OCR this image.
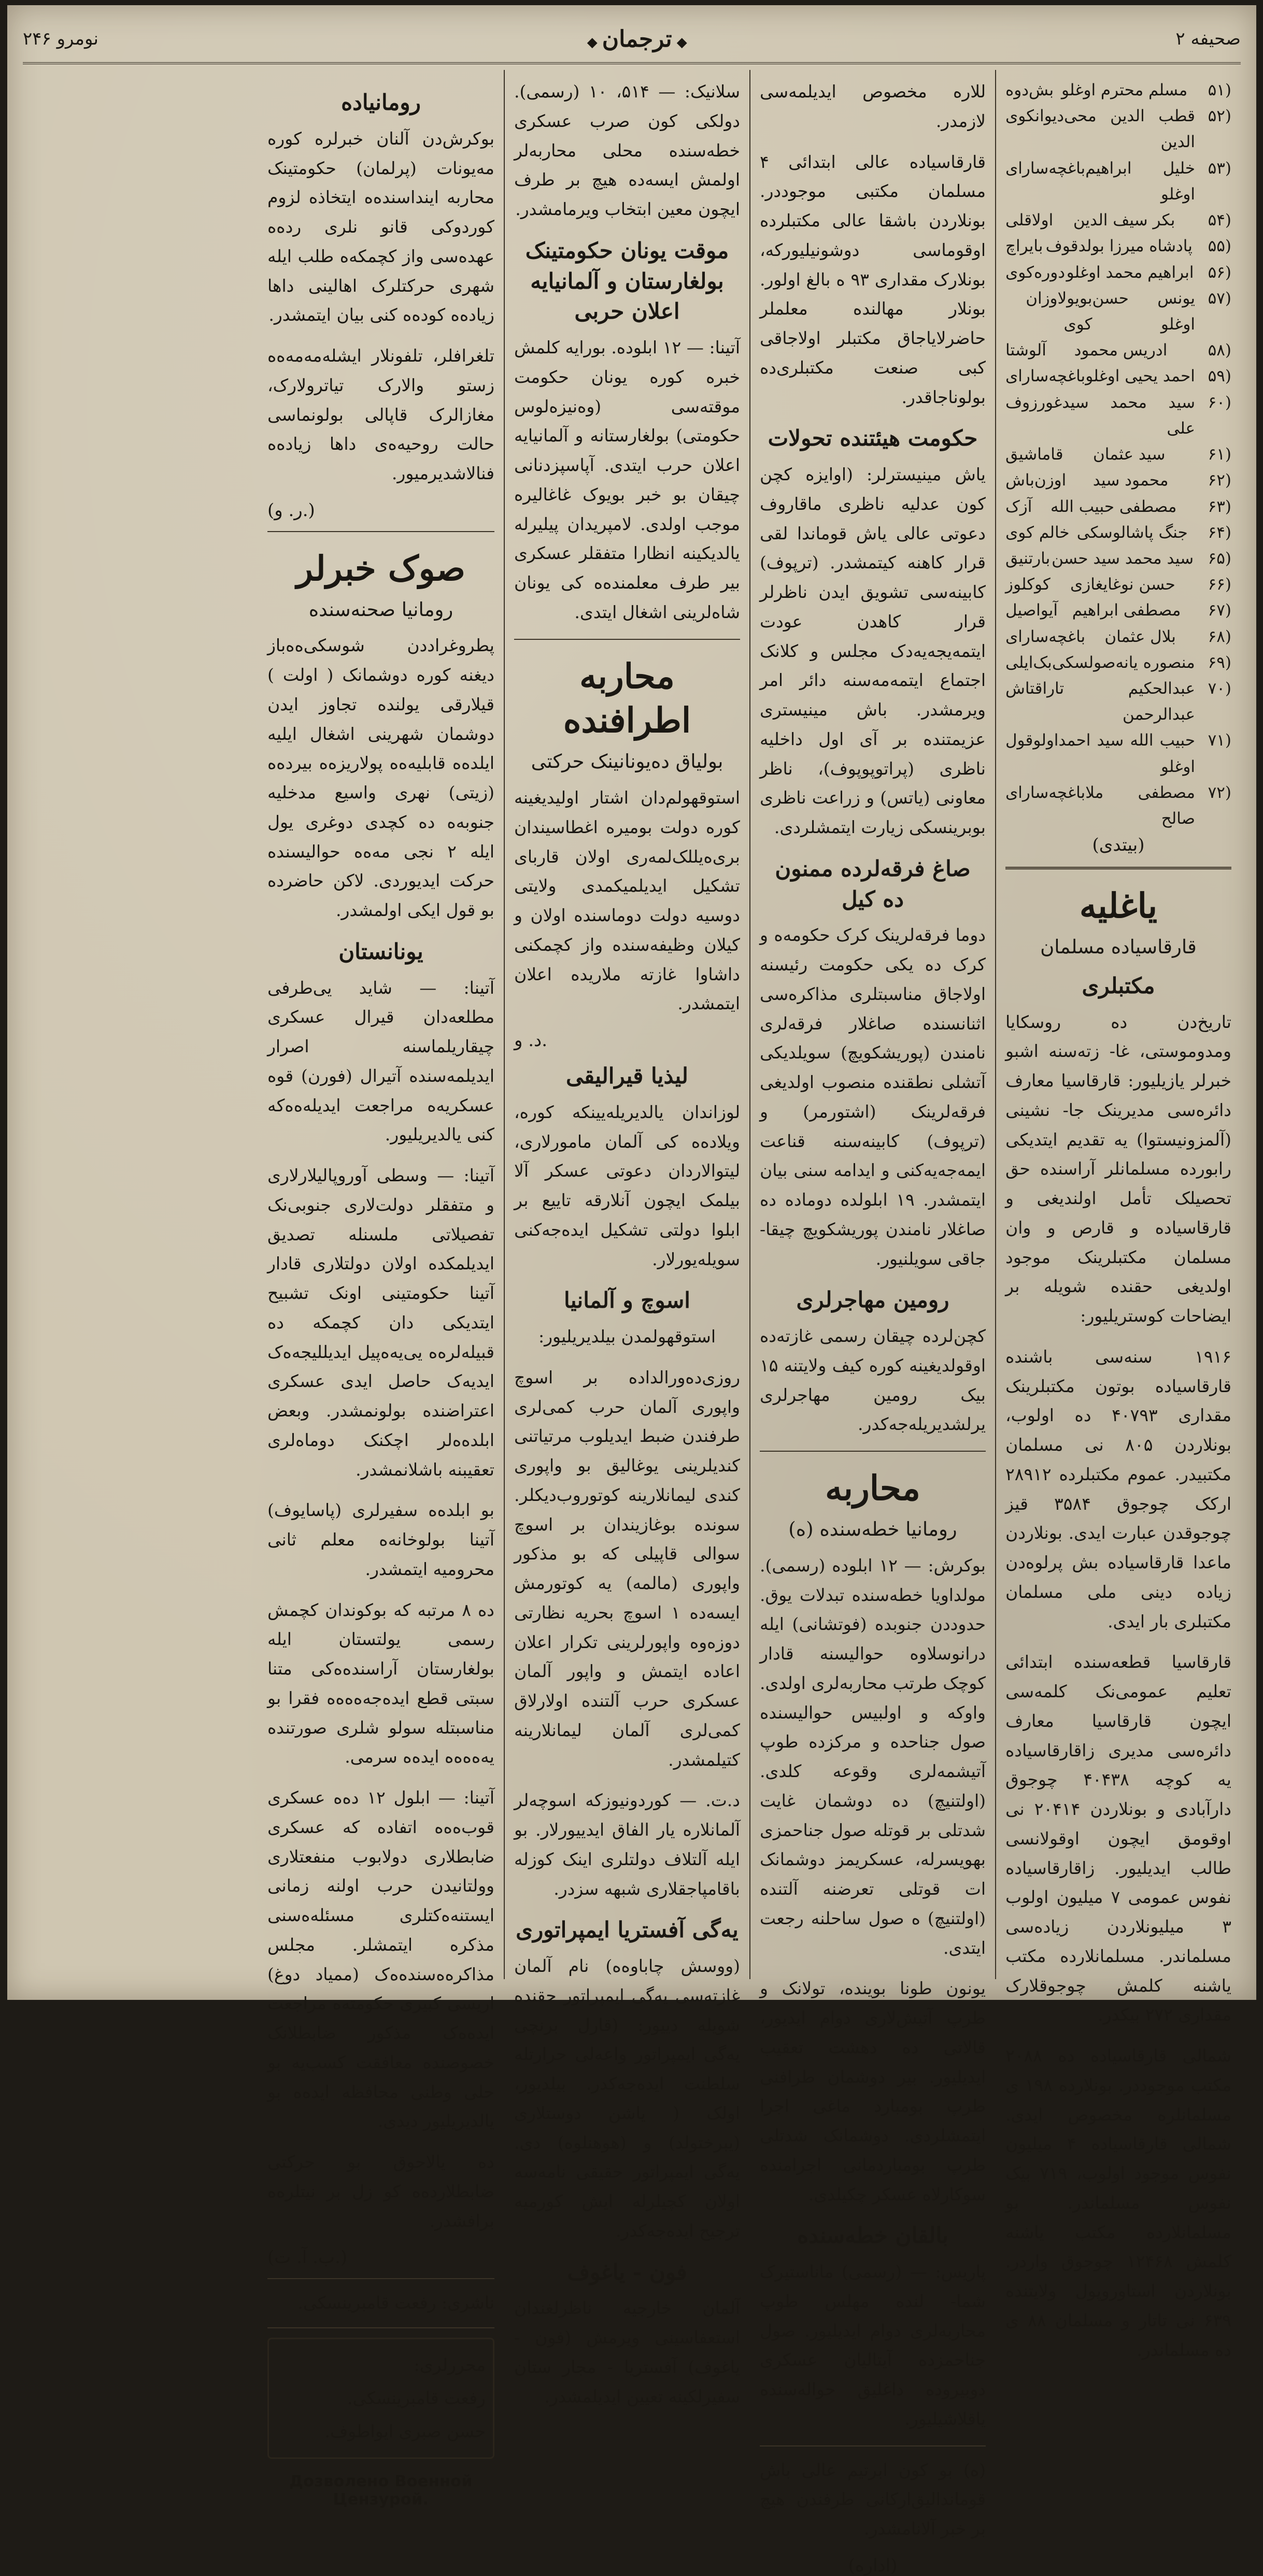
صحیفه ۲
◆ ترجمان ◆
نومرو ۲۴۶
(۵۱
مسلم محترم اوغلو
بش‌دوه
(۵۲
قطب الدین محی الدین
دیوانکوی
(۵۳
خلیل ابراهیم اوغلو
باغچه‌سارای
(۵۴
بکر سیف الدین
اولاقلی
(۵۵
پادشاه میرزا بولدقوف
بایراچ
(۵۶
ابراهیم محمد اوغلو
دوره‌کوی
(۵۷
یونس حسن اوغلو
بویولاوزان کوی
(۵۸
ادریس محمود
آلوشتا
(۵۹
احمد یحیی اوغلو
باغچه‌سارای
(۶۰
سید محمد سید علی
غورزوف
(۶۱
سید عثمان
قاماشیق
(۶۲
محمود سید
اوزن‌باش
(۶۳
مصطفی حبیب الله
آزک
(۶۴
جنگ پاشالوسکی
خالم کوی
(۶۵
سید محمد سید حسن
بارتنیق
(۶۶
حسن نوغایغازی
کوکلوز
(۶۷
مصطفی ابراهیم
آیواصیل
(۶۸
بلال عثمان
باغچه‌سارای
(۶۹
منصوره یانه‌صولسکی
بک‌ایلی
(۷۰
عبدالحکیم عبدالرحمن
تاراقتاش
(۷۱
حبیب الله سید احمد اوغلو
اولوقول
(۷۲
مصطفی ملا صالح
باغچه‌سارای
(بیتدی)
یاغلیه
قارقاسیاده مسلمان
مکتبلری

تاریخ‌دن ده روسکایا ومدوموستی، غا- زته‌سنه اشبو خبرلر یازیلیور: قارقاسیا معارف دائره‌سی مدیرینک جا- نشینی (آلمزونیستوا) یه تقدیم ایتدیکی رابورده مسلمانلر آراسنده حق تحصیلک تأمل اولندیغی و قارقاسیاده و قارص و وان مسلمان مکتبلرینک موجود اولدیغی حقنده شویله بر ایضاحات کوستریلیور:

۱۹۱۶ سنه‌سی باشنده قارقاسیاده بوتون مکتبلرینک مقداری ۴۰۷۹۳ ده اولوب، بونلاردن ۸۰۵ نی مسلمان مکتبیدر. عموم مکتبلرده ۲۸۹۱۲ ارکک چوجوق ۳۵۸۴ قیز چوجوقدن عبارت ایدی. بونلاردن ماعدا قارقاسیاده بش پرلوه‌دن زیاده دینی ملی مسلمان مکتبلری بار ایدی.

قارقاسیا قطعه‌سنده ابتدائی تعلیم عمومی‌نک کلمه‌سی ایچون قارقاسیا معارف دائره‌سی مدیری زاقارقاسیاده یه کوچه ۴۰۴۳۸ چوجوق دارآبادی و بونلاردن ۲۰۴۱۴ نی اوقومق ایچون اوقولانسی طالب ایدیلیور. زاقارقاسیاده نفوس عمومی ۷ میلیون اولوب ۳ میلیونلاردن زیاده‌سی مسلماندر. مسلمانلارده مکتب یاشنه کلمش چوجوقلارک مقداری ۲۷۲ بیکدر.

شمالی قارقاسیاده ده ۲۰۸۸ مکتب موجوددر. بونلارده ۱۹۸ ی مسلمانلره مخصوص ایدی. شمالی قارقاسیاده ۴ میلیون نفوس موجود اولوب، ۷۱۹ بیک نفوس مسلماندر. بو مسلمانلارده مکتب یاشنه کلمش ۱۲۴۶۸ چوجوق واردر. بونلاردن استاوروپول ولایتنده ۶۳۹ نی تاتار و مسلمان ۸۸ ی ده مسلماندر.

للاره مخصوص ایدیلمه‌سی لازمدر.

قارقاسیاده عالی ابتدائی ۴ مسلمان مکتبی موجوددر. بونلاردن باشقا عالی مکتبلرده اوقوماسی دوشونیلیورکه، بونلارک مقداری ۹۳ ه بالغ اولور. بونلار مهالنده معلملر حاضرلایاجاق مکتبلر اولاجاقی کبی صنعت مکتبلری‌ده بولوناجاقدر.

حکومت هیئتنده تحولات

یاش مینیسترلر: (اوایزه کچن کون عدلیه ناظری ماقاروف دعوتی عالی یاش قوماندا لقی قرار کاهنه کیتمشدر. (ترپوف) کابینه‌سی تشویق ایدن ناظرلر قرار کاهدن عودت ایتمه‌یجه‌یه‌دک مجلس و کلانک اجتماع ایتمه‌مه‌سنه دائر امر ویرمشدر. باش مینیستری عزیمتنده بر آی اول داخلیه ناظری (پراتوپوپوف)، ناظر معاونی (یاتس) و زراعت ناظری بوبرینسکی زیارت ایتمشلردی.

صاغ فرقه‌لرده ممنون
ده کیل

دوما فرقه‌لرینک کرک حکومه‌ه و کرک ده یکی حکومت رئیسنه اولاجاق مناسبتلری مذاکره‌سی اثنانسنده صاغلار فرقه‌لری نامندن (پوریشکویچ) سویلدیکی آتشلی نطقنده منصوب اولدیغی فرقه‌لرینک (اشتورمر) و (ترپوف) کابینه‌سنه قناعت ایمه‌جه‌یه‌کنی و ایدامه سنی بیان ایتمشدر. ۱۹ ابلولده دوماده ده صاغلار نامندن پوریشکویچ چیقا- جاقی سویلنیور.

رومین مهاجرلری

کچن‌لرده چیقان رسمی غازته‌ده اوقولدیغینه کوره کیف ولایتنه ۱۵ بیک رومین مهاجرلری یرلشدیریله‌جه‌کدر.

محاربه
رومانیا خطه‌سنده (ه)

بوکرش: — ۱۲ ابلوده (رسمی). مولداویا خطه‌سنده تبدلات یوق. حدوددن جنوبده (فوتشانی) ایله درانوسلاوه حوالیسنه قادار کوچک طرتب محاربه‌لری اولدی. واوکه و اولبیس حوالیسنده صول جناحده و مرکزده طوپ آتیشمه‌لری وقوعه کلدی. (اولتنیچ) ده دوشمان غایت شدتلی بر قوتله صول جناحمزی بهویسرله، عسکریمز دوشمانک ات قوتلی تعرضنه آلتنده (اولتنیچ) ه صول ساحلنه رجعت ایتدی.

یونون طونا بوینده، تولانک و طرپ آتیش‌لاری دوام ایدیور، قالاتی ده دهشت تعقیب ایدیلیور. بیر دوشمان طرافنی طرپ بومبارد ماغی اجرا ایتمشلردی. دوشمانک شدتلی طرپ بومباردمانی اجرامنده سوکارلاه عسکر چکیلدی.

بالقان خطه‌سنده

پاریس: — (رسمی) ماناستیرک شما- لنده مهلس طوپ محاربه‌لری دوام ایدیلیور. صول جناحمزده آیتالیان عسکری دوبیروده داغلیق حواله‌سنده یاقلاشیلیور.

(ه) بو کون ابرتیم عالی باش قوماندالیق‌ارکانی طرفندن هیچ بر خبر آلانامشدر.

(اداره)

سلانیک: — ۵۱۴، ۱۰ (رسمی). دولکی کون صرب عسکری خطه‌سنده محلی محاربه‌لر اولمش ایسه‌ده هیچ بر طرف ایچون معین ابتخاب ویرمامشدر.

موقت یونان حکومتینک بولغارستان و آلمانیایه اعلان حربی

آتینا: — ۱۲ ابلوده. بورایه کلمش خبره کوره یونان حکومت موقته‌سی (وه‌نیزه‌لوس حکومتی) بولغارستانه و آلمانیایه اعلان حرب ایتدی. آپاسپزدنانی چیقان بو خبر بویوک غاغالیره موجب اولدی. لامپریدان پیلیرله یالدیکینه انظارا متفقلر عسکری بیر طرف معلمنده‌ه کی یونان شاه‌لرینی اشغال ایتدی.

محاربه اطرافنده
بولیاق ده‌یونانینک حرکتی

استوقهولم‌دان اشتار اولیدیغینه کوره دولت بومیره اغطاسیندان بری‌ه‌یللک‌لمه‌ری اولان قاربای تشکیل ایدیلمیکمدی ولایتی دوسیه دولت دوماسنده اولان و کیلان وظیفه‌سنده واز کچمکنی داشاوا غازته ملاریده اعلان ایتمشدر.

د. و.
لیذیا قیرالیقی

لوزاندان یالدیریله‌یینکه کوره، ویلاده‌ه کی آلمان مامورلاری، لیتوالاردان دعوتی عسکر آلا بیلمک ایچون آنلارقه تاییع بر ابلوا دولتی تشکیل ایده‌جه‌کنی سویله‌یورلار.

اسوچ و آلمانیا

استوقهولمدن بیلدیریلیور:

روزی‌ده‌ورالداده بر اسوچ واپوری آلمان حرب کمی‌لری طرفندن ضبط ایدیلوب مرتیاتنی کندیلرینی یوغالیق بو واپوری کندی لیمانلارینه کوتوروب‌دیکلر. سونده بوغازیندان بر اسوچ سوالی قاپیلی که بو مذکور واپوری (مالمه) یه کوتورمش ایسه‌ده ۱ اسوچ بحریه نظارتی دوزه‌وه واپورلرینی تکرار اعلان اعاده ایتمش و واپور آلمان عسکری حرب آلتنده اولارلاق کمی‌لری آلمان لیمانلارینه کتیلمشدر.

د.ت. — کوردونیوزکه اسوچه‌لر آلمانلاره یار الفاق ایدییورلار. بو ایله آلتلاف دولتلری اینک کوزله باقامپاجقلاری شبهه سزدر.

یه‌گی آفستریا ایمپراتوری

(ووسش چاباوه‌ه) نام آلمان غازته‌سی یه‌گی ایمپراتور حقنده شویله دییور: (قارل برنچی یه‌گی ایمپراتور واعه‌لی حرارتله سلطنت ایده‌جه‌کدر. بیلدیور، اولک ( یاشن دوستلاری (یبرختولد) و (هوهنلوه) دی. یه‌گی ایمپراتور حقیقی نامه‌سه اولان کچیلرله ایش کورمیه ترجیح ایده‌جه‌کدر.

فون - یاغوف

آلمان خارجیه ناظرلغندان استعفاسینی ویرمش (فون - یاغوف) آفستریا - مجار ستان سفیرلکینه تعیین ایدیلمشدر.

رومانیاده

بوکرش‌دن آلنان خبرلره کوره مه‌یونات (پرلمان) حکومتینک محاربه‌ اینداسنده‌ه ایتخاذه لزوم کوردوکی قانو نلری رده‌ه عهده‌سی واز کچمکه‌ه طلب ایله شهری حرکتلرک اهالینی داها زیاده‌ه کوده‌ه کنی بیان ایتمشدر.

تلغرافلر، تلفونلار ایشله‌مه‌مه‌ه‌ه زستو والارک تیاترولارک، مغازالرک قاپالی بولونماسی حالت روحیه‌ه‌ی داها زیاده‌ه فنالاشدیرمیور.

(ر. و.)
صوک خبرلر
رومانیا صحنه‌سنده

پطروغراددن شوسکی‌ه‌ه‌باز دیغنه کوره دوشمانک ( اولت ) قیلارقی یولنده تجاوز ایدن دوشمان شهرینی اشغال ایلیه ایلده‌ه قابلیه‌ه‌ه پولاریزه‌ه بیرده‌ه (زیتی) نهری واسیع مدخلیه جنوبه‌ه ده کچدی دوغری یول ایله ۲ نجی مه‌ه‌ه حوالیسنده حرکت ایدیوردی. لاکن حاضرده بو قول ایکی اولمشدر.

یونانستان

آتینا: — شاید یی‌طرفی مطلعه‌دان قیرال عسکری چیقاریلماسنه اصرار ایدیلمه‌سنده آتیرال (فورن) قوه عسکریه‌ه مراجعت ایدیله‌ه‌ه‌که کنی یالدیریلیور.

آتینا: — وسطی آوروپالیلارلاری و متفقلر دولت‌لاری جنوبی‌نک تفصیلاتی ملسنله تصدیق ایدیلمکده اولان دولتلاری قادار آتینا حکومتینی اونک تشبیح ایتدیکی دان کچمکه ده قبیله‌لره‌ه یی‌یه‌ه‌پیل ایدیللیجه‌ه‌ک ایدیه‌ک حاصل ایدی عسکری اعتراضنده بولونمشدر. وبعض ابلده‌ه‌لر اچکنک دوماه‌لری تعقیبنه باشلانمشدر.

بو ابلده‌ه سفیرلری (پاسایوف) آتینا بولوخانه‌ه معلم ثانی محرومیه ایتمشدر.

ده ۸ مرتبه که بوکوندان کچمش رسمی یولتستان ایله بولغارستان آراسنده‌ه‌کی متنا سبتی قطع ایده‌جه‌ه‌ه‌ه‌ه فقرا بو مناسبتله سولو شلری صورتنده یه‌ه‌ه‌ه‌ه ایده‌ه سرمی.

آتینا: — ابلول ۱۲ ده‌ه عسکری قوب‌ه‌ه‌ه اتفاده که عسکری ضابطلاری دولابوب منفعتلاری وولتانیدن حرب اولنه زمانی ایستنه‌ه‌کتلری مسئله‌ه‌سنی مذکره ایتمشلر. مجلس مذاکره‌ه‌سنده‌ه‌ک (ممیاد دوغ) اریسی کبیری حکومته‌ه مراجعت ایده‌ه‌ک مذکور ضابطلانک خصوصنده معافقت کسب‌یه بو حلی وطنی محافظه ایده‌ه بو یالدیریلیور دیدی.

ده یالاحوق بو حرکتی ضابطلارده‌ه کو زل بر نیتلره‌ه برافشدر.

(ب. آ. ت.)
ناشری: رفعت قامبرینسکی.
محررلری:
رفعت قامبرینسکی.
حسن صبری ایواطوف.
Дозволено Военной Цензурой.
